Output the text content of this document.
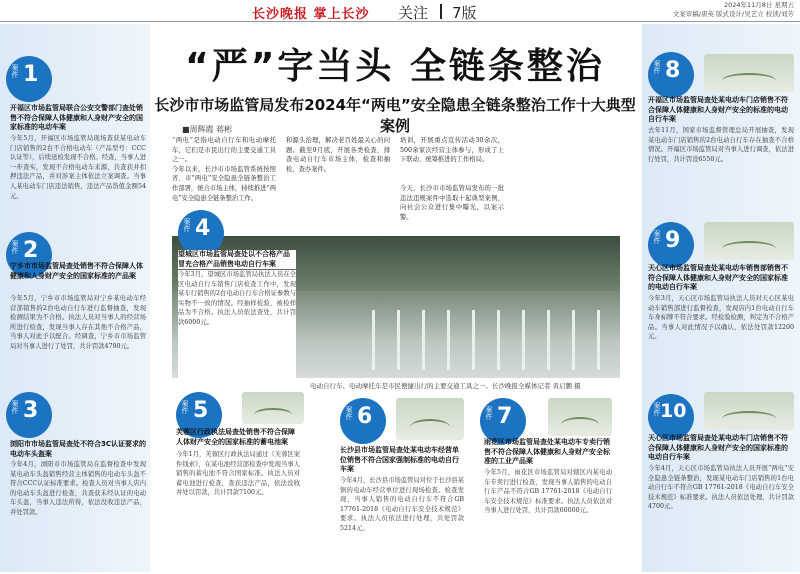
长沙晚报 掌上长沙 关注 7版	2024年11月8日 星期五
文案审稿/唐英 版式设计/吴艺立 校读/刘芳
“严”字当头 全链条整治
长沙市市场监管局发布2024年“两电”安全隐患全链条整治工作十大典型案例
■周辉霞 蒋彬

“两电”是指电动自行车和电动摩托车，它们是市民出行的主要交通工具之一。

今年以来，长沙市市场监管系统按照省、市“两电”安全隐患全链条整治工作部署，统合市场主体，持续推进“两电”安全隐患全链条整治工作。

和源头治理，解决老百姓最关心的问题。截至9月底，开展各类检查，排查电动自行车市场主体，检查和抽检，查办案件。
培训，开展重点宣传活动30余次，500余家次经营主体参与，形成了上下联动、统筹推进的工作格局。
今天，长沙市市场监管局发布的一批违法违规案件中选取十起典型案例，向社会公众进行集中曝光，以案示警。
电动自行车、电动摩托车是市民便捷出行的主要交通工具之一。长沙晚报全媒体记者 黄启鹏 摄
案件 1
开福区市场监管局联合公安交警部门查处销售不符合保障人体健康和人身财产安全的国家标准的电动车案
今年5月，开福区市场监管局现场查获某电动车门店销售的2台不合格电动车（产品型号：CCC认证等），后续送检发现不合格。经查，当事人进一步查实，发现不合格电动车来源，共查获并扣押违法产品，并对涉案主体依法立案调查。当事人某电动车门店违法销售，违法产品货值金额54元。
案件 2
宁乡市市场监管局查处销售不符合保障人体健康和人身财产安全的国家标准的产品案
今年5月，宁乡市市场监管局对宁乡某电动车经营部销售的2台电动自行车进行监督抽查，发现检测结果为不合格。执法人员对当事人的经营场所进行检查，发现当事人存在其他不合格产品，当事人对此予以配合。经调查，宁乡市市场监管局对当事人进行了处罚，共计罚款4790元。
案件 3
浏阳市市场监管局查处不符合3C认证要求的电动车头盔案
今年4月，浏阳市市场监管局在监督检查中发现某电动车头盔销售经营主体销售的电动车头盔不符合CCC认证标准要求。检查人员对当事人店内的电动车头盔进行检查，共查获未经认证的电动车头盔，当事人违法所得，依法没收违法产品，并处罚款。
案件 4
望城区市场监管局查处以不合格产品冒充合格产品销售电动自行车案
今年3月，望城区市场监管局执法人员在全区电动自行车销售门店检查工作中，发现某车行销售的2台电动自行车合格证参数与实物不一致的情况。经抽样检验，被检样品为不合格。执法人员依法查处，共计罚款6000元。
案件 5
芙蓉区行政执法局查处销售不符合保障人体财产安全的国家标准的蓄电池案
今年1月，芙蓉区行政执法局通过《芙蓉区案件线索》，在某电池经营部检查中发现当事人销售的蓄电池不符合国家标准。执法人员对蓄电池进行检查，查获违法产品，依法没收并处以罚款，共计罚款7100元。
案件 6
长沙县市场监管局查处某电动车经营单位销售不符合国家强制标准的电动自行车案
今年4月，长沙县市场监管局对位于长沙县某镇的电动车经营单位进行现场检查。检查发现，当事人销售的电动自行车不符合GB 17761-2018《电动自行车安全技术规范》要求。执法人员依法进行处理，共处罚款5214元。
案件 7
雨花区市场监管局查处某电动车专卖行销售不符合保障人体健康和人身财产安全标准的工业产品案
今年5月，雨花区市场监管局对辖区内某电动车专卖行进行检查，发现当事人销售的电动自行车产品不符合GB 17761-2018《电动自行车安全技术规范》标准要求。执法人员依法对当事人进行处罚，共计罚款60000元。
案件 8
开福区市场监管局查处某电动车门店销售不符合保障人体健康和人身财产安全的标准的电动自行车案
去年11月，国家市场监督管理总局开展抽查，发现某电动车门店销售的2台电动自行车存在抽查不合格情况。开福区市场监管局对当事人进行调查，依法进行处罚，共计罚没6550元。
案件 9
天心区市场监管局查处某电动车销售部销售不符合保障人体健康和人身财产安全的国家标准的电动自行车案
今年3月，天心区市场监管局执法人员对天心区某电动车销售部进行监督检查，发现店内1台电动自行车车身标牌不符合要求。经检验检测，判定为不合格产品。当事人对此情况予以确认，依法处罚款12200元。
案件 10
天心区市场监管局查处某电动车门店销售不符合保障人体健康和人身财产安全的国家标准的电动自行车案
今年4月，天心区市场监管局执法人员开展“两电”安全隐患全链条整治，发现某电动车门店销售的1台电动自行车不符合GB 17761-2018《电动自行车安全技术规范》标准要求。执法人员依法处理，共计罚款4700元。
